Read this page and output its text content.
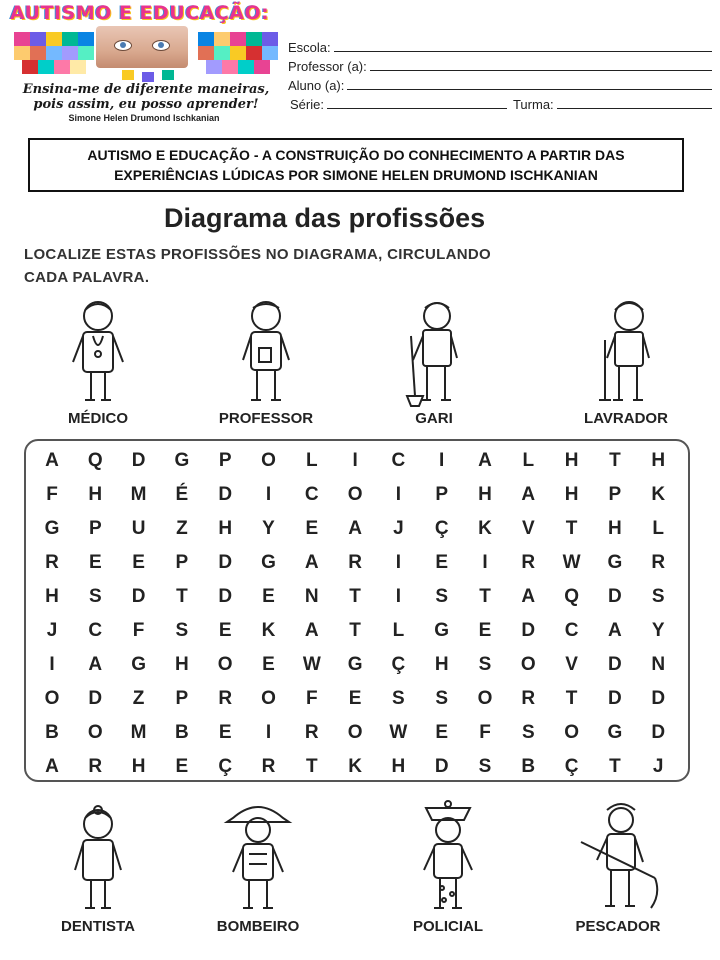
AUTISMO E EDUCAÇÃO:
Ensina-me de diferente maneiras,
pois assim, eu posso aprender!
Simone Helen Drumond Ischkanian
Escola:
Professor (a):
Aluno (a):
Série:	Turma:
AUTISMO E EDUCAÇÃO - A CONSTRUIÇÃO DO CONHECIMENTO A PARTIR DAS
EXPERIÊNCIAS LÚDICAS POR SIMONE HELEN DRUMOND ISCHKANIAN
Diagrama das profissões
LOCALIZE ESTAS PROFISSÕES NO DIAGRAMA, CIRCULANDO
CADA PALAVRA.
MÉDICO	PROFESSOR	GARI	LAVRADOR
A	Q	D	G	P	O	L	I	C	I	A	L	H	T	H
F	H	M	É	D	I	C	O	I	P	H	A	H	P	K
G	P	U	Z	H	Y	E	A	J	Ç	K	V	T	H	L
R	E	E	P	D	G	A	R	I	E	I	R	W	G	R
H	S	D	T	D	E	N	T	I	S	T	A	Q	D	S
J	C	F	S	E	K	A	T	L	G	E	D	C	A	Y
I	A	G	H	O	E	W	G	Ç	H	S	O	V	D	N
O	D	Z	P	R	O	F	E	S	S	O	R	T	D	D
B	O	M	B	E	I	R	O	W	E	F	S	O	G	D
A	R	H	E	Ç	R	T	K	H	D	S	B	Ç	T	J
DENTISTA	BOMBEIRO	POLICIAL	PESCADOR
